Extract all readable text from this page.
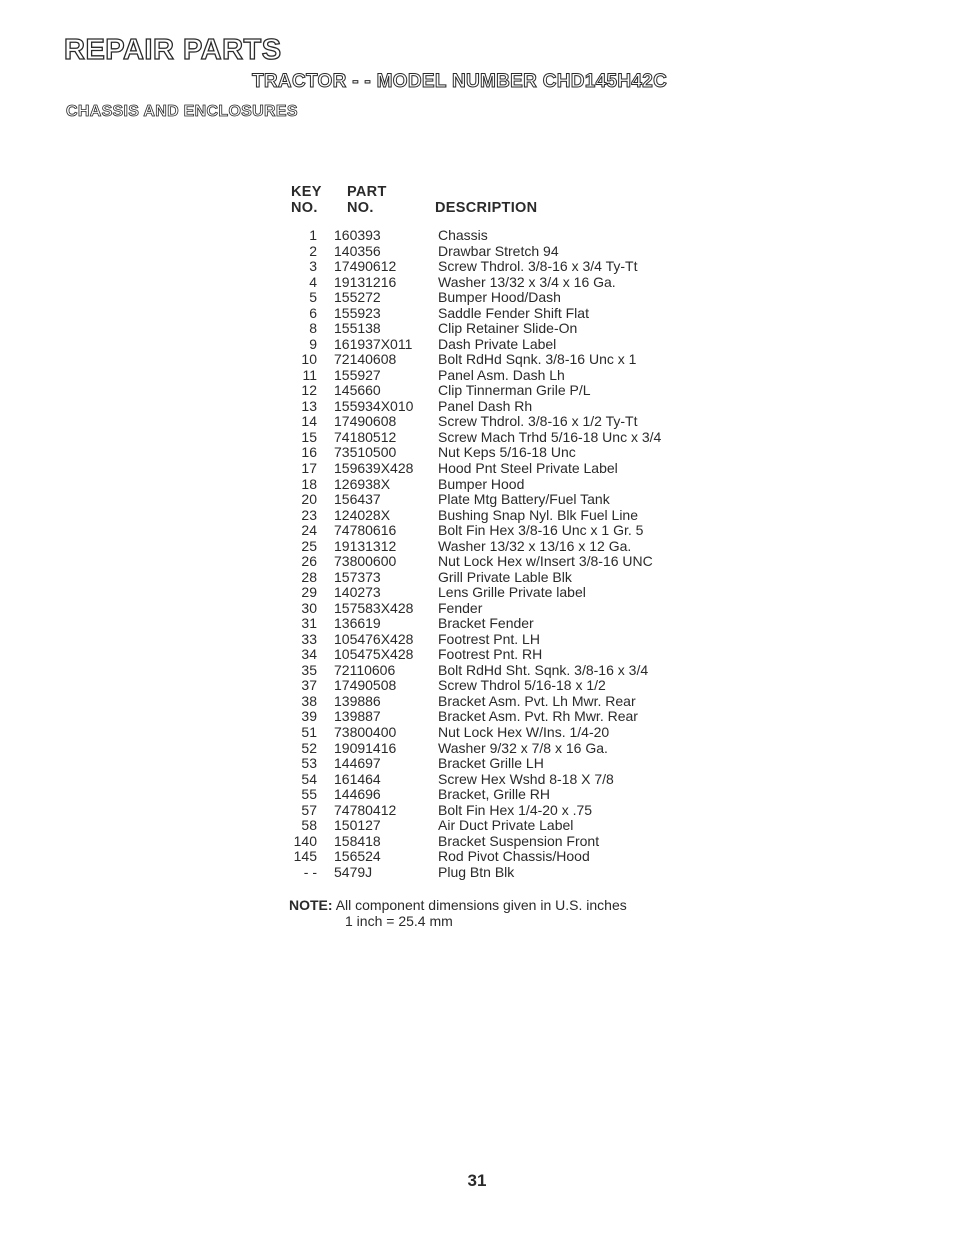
REPAIR PARTS
TRACTOR - - MODEL NUMBER CHD145H42C
CHASSIS AND ENCLOSURES
KEY
NO.
PART
NO.	DESCRIPTION
1 160393	Chassis
2 140356	Drawbar Stretch 94
3 17490612	Screw Thdrol. 3/8-16 x 3/4 Ty-Tt
4 19131216	Washer 13/32 x 3/4 x 16 Ga.
5 155272	Bumper Hood/Dash
6 155923	Saddle Fender Shift Flat
8 155138	Clip Retainer Slide-On
9 161937X011 Dash Private Label
10 72140608	Bolt RdHd Sqnk. 3/8-16 Unc x 1
11 155927	Panel Asm. Dash Lh
12 145660	Clip Tinnerman Grile P/L
13 155934X010 Panel Dash Rh
14 17490608	Screw Thdrol. 3/8-16 x 1/2 Ty-Tt
15 74180512	Screw Mach Trhd 5/16-18 Unc x 3/4
16 73510500	Nut Keps 5/16-18 Unc
17 159639X428 Hood Pnt Steel Private Label
18 126938X	Bumper Hood
20 156437	Plate Mtg Battery/Fuel Tank
23 124028X	Bushing Snap Nyl. Blk Fuel Line
24 74780616	Bolt Fin Hex 3/8-16 Unc x 1 Gr. 5
25 19131312	Washer 13/32 x 13/16 x 12 Ga.
26 73800600	Nut Lock Hex w/Insert 3/8-16 UNC
28 157373	Grill Private Lable Blk
29 140273	Lens Grille Private label
30 157583X428 Fender
31 136619	Bracket Fender
33 105476X428 Footrest Pnt. LH
34 105475X428 Footrest Pnt. RH
35 72110606	Bolt RdHd Sht. Sqnk. 3/8-16 x 3/4
37 17490508	Screw Thdrol 5/16-18 x 1/2
38 139886	Bracket Asm. Pvt. Lh Mwr. Rear
39 139887	Bracket Asm. Pvt. Rh Mwr. Rear
51 73800400	Nut Lock Hex W/Ins. 1/4-20
52 19091416	Washer 9/32 x 7/8 x 16 Ga.
53 144697	Bracket Grille LH
54 161464	Screw Hex Wshd 8-18 X 7/8
55 144696	Bracket, Grille RH
57 74780412	Bolt Fin Hex 1/4-20 x .75
58 150127	Air Duct Private Label
140 158418	Bracket Suspension Front
145 156524	Rod Pivot Chassis/Hood
- - 5479J	Plug Btn Blk
NOTE: All component dimensions given in U.S. inches
1 inch = 25.4 mm
31
